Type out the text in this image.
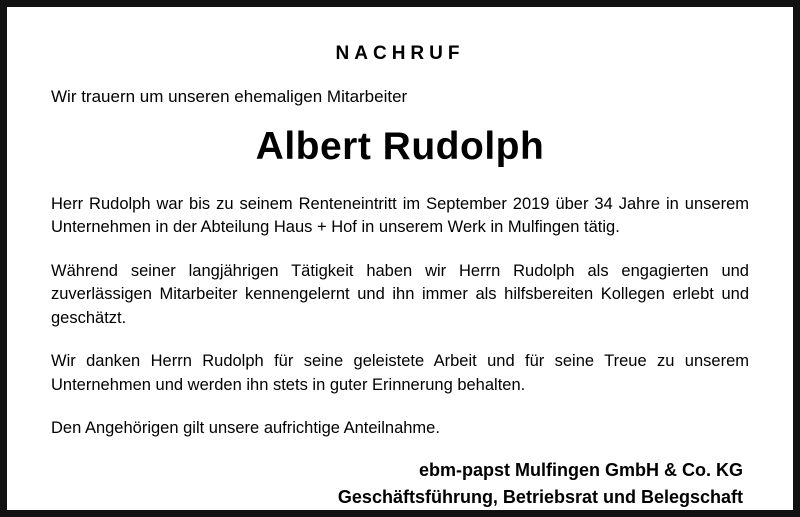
NACHRUF
Wir trauern um unseren ehemaligen Mitarbeiter
Albert Rudolph

Herr Rudolph war bis zu seinem Renteneintritt im September 2019 über 34 Jahre in unserem Unternehmen in der Abteilung Haus + Hof in unserem Werk in Mulfingen tätig.

Während seiner langjährigen Tätigkeit haben wir Herrn Rudolph als engagierten und zuverlässigen Mitarbeiter kennengelernt und ihn immer als hilfsbereiten Kollegen erlebt und geschätzt.

Wir danken Herrn Rudolph für seine geleistete Arbeit und für seine Treue zu unserem Unternehmen und werden ihn stets in guter Erinnerung behalten.

Den Angehörigen gilt unsere aufrichtige Anteilnahme.

ebm-papst Mulfingen GmbH & Co. KG
Geschäftsführung, Betriebsrat und Belegschaft
